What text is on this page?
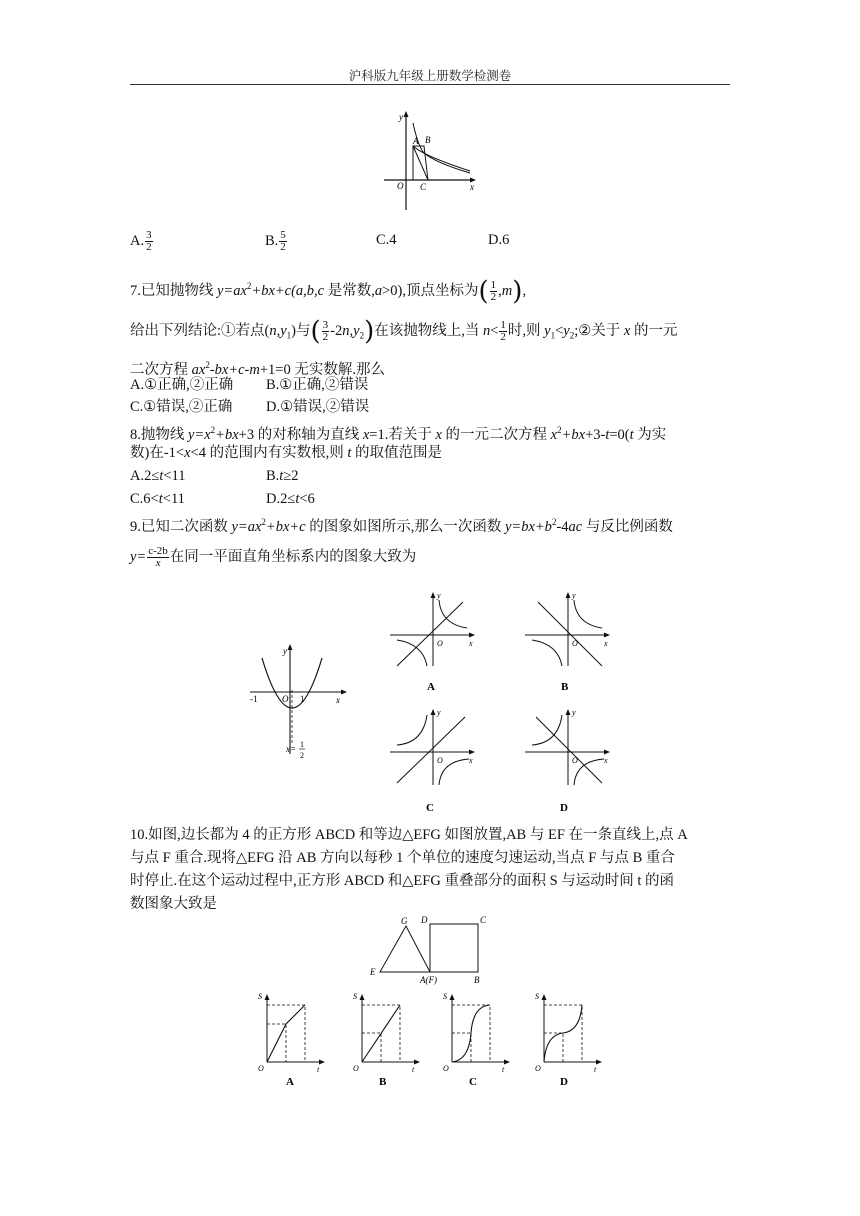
沪科版九年级上册数学检测卷
y
x
O
A B
C
A. $\frac{3}{2}$	B. $\frac{5}{2}$	C.4	D.6
7.已知抛物线 $y=ax^2+bx+c(a,b,c$ 是常数,a>0),顶点坐标为( $\frac{1}{2} ,m$),
给出下列结论:①若点$(n,y_1)$与( $\frac{3}{2} -2n,y_2$)在该抛物线上,当 $n< \frac{1}{2}$ 时,则 $y_1<y_2;②$关于 x 的一元
二次方程 $ax^2-bx+c-m+1=0$ 无实数解.那么
A.①正确,②正确 B.①正确,②错误
C.①错误,②正确 D.①错误,②错误
8.抛物线 $y=x^2+bx+3$ 的对称轴为直线 x=1.若关于 x 的一元二次方程 $x^2+bx+3-t=0(t$ 为实
数)在-1<x<4 的范围内有实数根,则 t 的取值范围是
A.2≤t<11	B.t≥2
C.6<t<11	D.2≤t<6
9.已知二次函数 $y=ax^2+bx+c$ 的图象如图所示,那么一次函数 $y=bx+b^2-4ac$ 与反比例函数
$y= \frac{c-2b}{x}$在同一平面直角坐标系内的图象大致为
y
x
O
-1	1
x= 1
2
y
x
O
A
y
x
O
B
y
x
O
C
y
x
O
D
10.如图,边长都为 4 的正方形 ABCD 和等边△EFG 如图放置,AB 与 EF 在一条直线上,点 A
与点 F 重合.现将△EFG 沿 AB 方向以每秒 1 个单位的速度匀速运动,当点 F 与点 B 重合
时停止.在这个运动过程中,正方形 ABCD 和△EFG 重叠部分的面积 S 与运动时间 t 的函
数图象大致是
G D	C
E
A(F)	B
S
t
O
A
S
t
O
B
S
t
O
C
S
t
O
D
